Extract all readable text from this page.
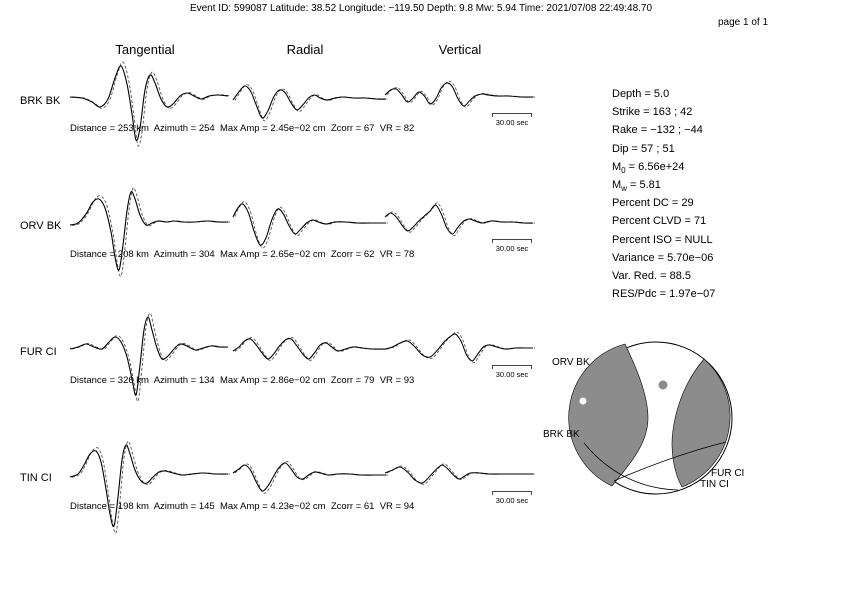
Event ID: 599087 Latitude: 38.52 Longitude: −119.50 Depth: 9.8 Mw: 5.94 Time: 2021/07/08 22:49:48.70
page 1 of 1
Tangential	Radial	Vertical
BRK BK
Distance = 253 km  Azimuth = 254  Max Amp = 2.45e−02 cm  Zcorr = 67  VR = 82
30.00 sec
ORV BK
Distance = 208 km  Azimuth = 304  Max Amp = 2.65e−02 cm  Zcorr = 62  VR = 78
30.00 sec
FUR CI
Distance = 326 km  Azimuth = 134  Max Amp = 2.86e−02 cm  Zcorr = 79  VR = 93
30.00 sec
TIN CI
Distance = 198 km  Azimuth = 145  Max Amp = 4.23e−02 cm  Zcorr = 61  VR = 94
30.00 sec
Depth = 5.0
Strike = 163 ; 42
Rake = −132 ; −44
Dip = 57 ; 51
$M_0 = 6.56e+24$
$M_w = 5.81$
Percent DC = 29
Percent CLVD = 71
Percent ISO = NULL
Variance = 5.70e−06
Var. Red. = 88.5
RES/Pdc = 1.97e−07
ORV BK
BRK BK
FUR CI
TIN CI
